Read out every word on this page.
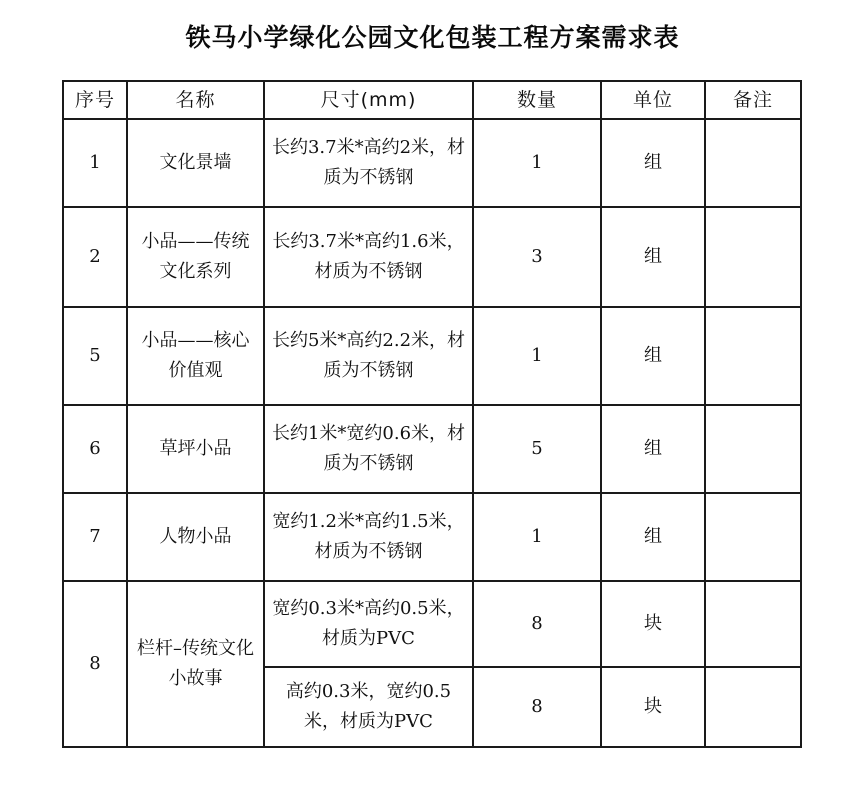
铁马小学绿化公园文化包装工程方案需求表
序号	名称	尺寸(mm)	数量	单位	备注
1	文化景墙	长约3.7米*高约2米，材质为不锈钢	1	组	
2	小品——传统文化系列	长约3.7米*高约1.6米，材质为不锈钢	3	组	
5	小品——核心价值观	长约5米*高约2.2米，材质为不锈钢	1	组	
6	草坪小品	长约1米*宽约0.6米，材质为不锈钢	5	组	
7	人物小品	宽约1.2米*高约1.5米，材质为不锈钢	1	组	
8	栏杆–传统文化小故事	宽约0.3米*高约0.5米，材质为PVC	8	块	
		高约0.3米，宽约0.5米，材质为PVC	8	块	
